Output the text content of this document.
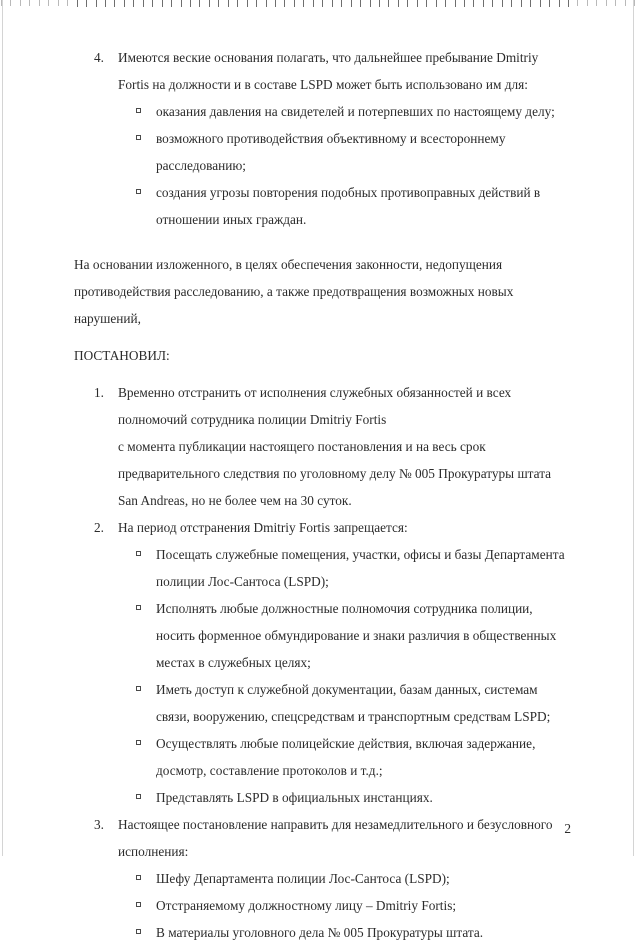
4.	Имеются веские основания полагать, что дальнейшее пребывание Dmitriy Fortis на должности и в составе LSPD может быть использовано им для:
оказания давления на свидетелей и потерпевших по настоящему делу;
возможного противодействия объективному и всестороннему расследованию;
создания угрозы повторения подобных противоправных действий в отношении иных граждан.

На основании изложенного, в целях обеспечения законности, недопущения противодействия расследованию, а также предотвращения возможных новых нарушений,

ПОСТАНОВИЛ:

1.	Временно отстранить от исполнения служебных обязанностей и всех полномочий сотрудника полиции Dmitriy Fortis
с момента публикации настоящего постановления и на весь срок предварительного следствия по уголовному делу № 005 Прокуратуры штата San Andreas, но не более чем на 30 суток.
2.	На период отстранения Dmitriy Fortis запрещается:
Посещать служебные помещения, участки, офисы и базы Департамента полиции Лос-Сантоса (LSPD);
Исполнять любые должностные полномочия сотрудника полиции, носить форменное обмундирование и знаки различия в общественных местах в служебных целях;
Иметь доступ к служебной документации, базам данных, системам связи, вооружению, спецсредствам и транспортным средствам LSPD;
Осуществлять любые полицейские действия, включая задержание, досмотр, составление протоколов и т.д.;
Представлять LSPD в официальных инстанциях.
3.	Настоящее постановление направить для незамедлительного и безусловного исполнения:
Шефу Департамента полиции Лос-Сантоса (LSPD);
Отстраняемому должностному лицу – Dmitriy Fortis;
В материалы уголовного дела № 005 Прокуратуры штата.
2
